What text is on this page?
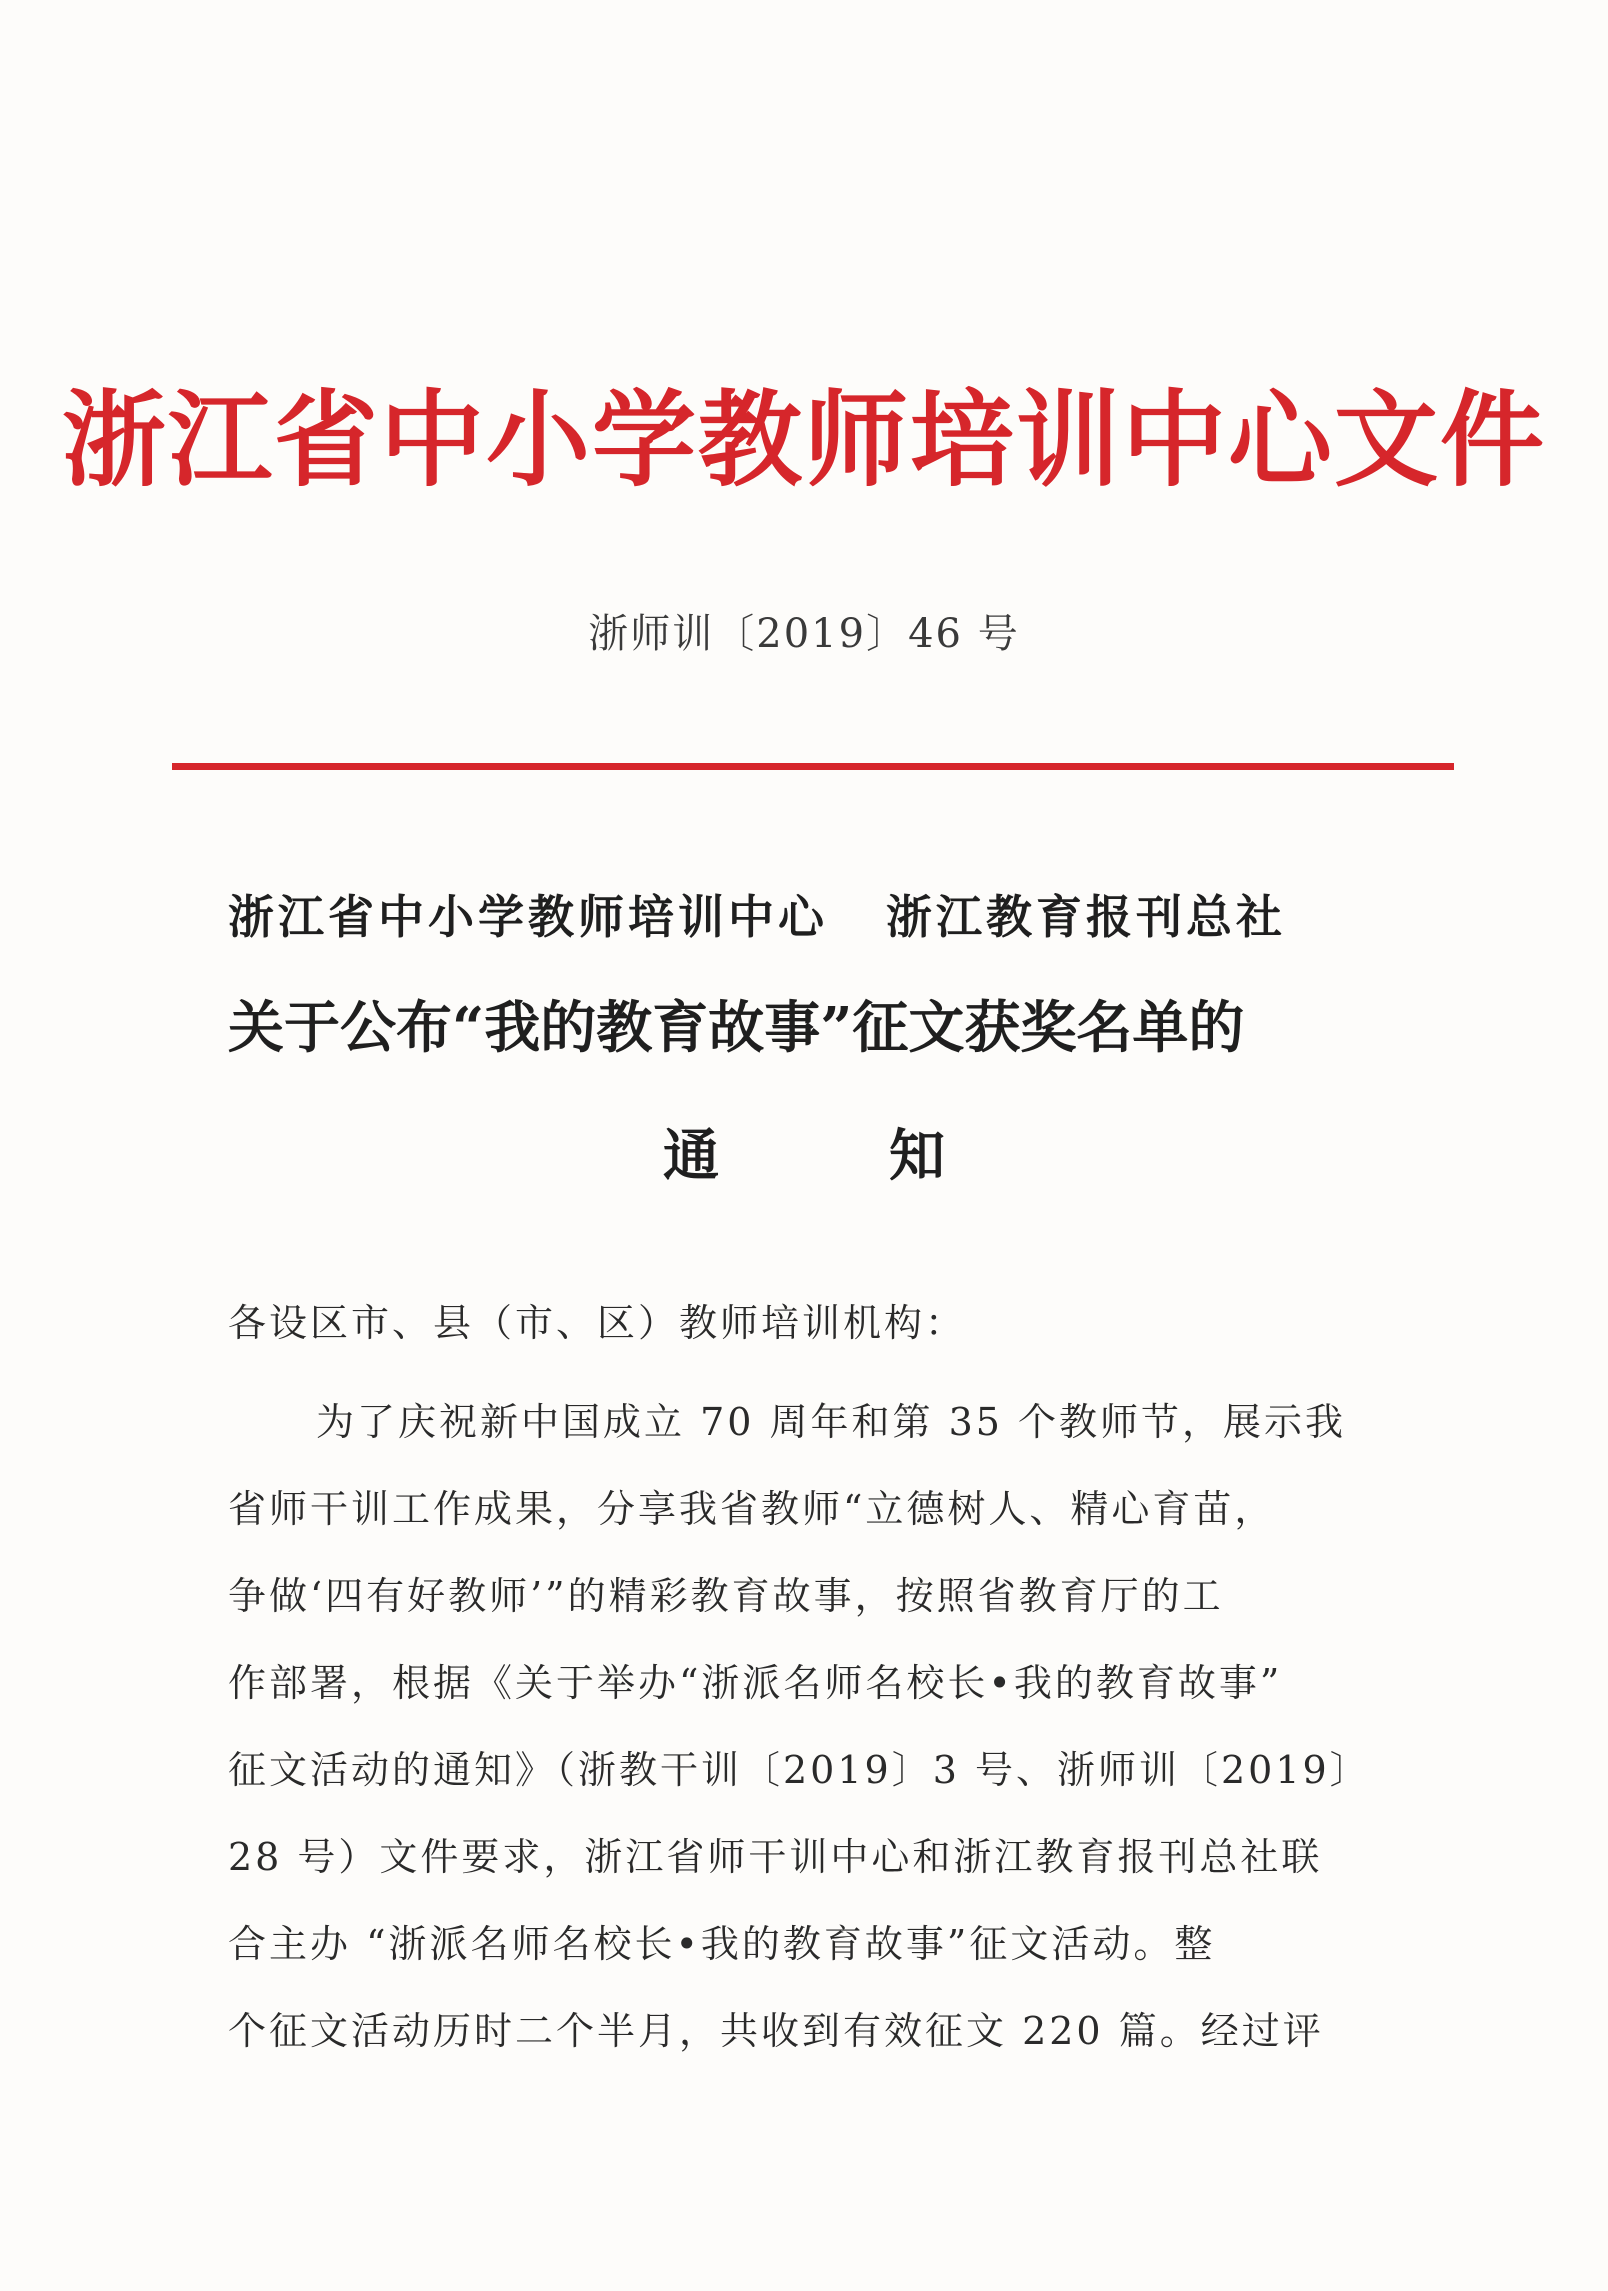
浙江省中小学教师培训中心文件
浙师训〔2019〕46 号
浙江省中小学教师培训中心 浙江教育报刊总社
关于公布“我的教育故事”征文获奖名单的
通知
各设区市、县（市、区）教师培训机构：
为了庆祝新中国成立 70 周年和第 35 个教师节，展示我
省师干训工作成果，分享我省教师“立德树人、精心育苗，
争做‘四有好教师’”的精彩教育故事，按照省教育厅的工
作部署，根据《关于举办“浙派名师名校长•我的教育故事”
征文活动的通知》（浙教干训〔2019〕3 号、浙师训〔2019〕
28 号）文件要求，浙江省师干训中心和浙江教育报刊总社联
合主办 “浙派名师名校长•我的教育故事”征文活动。整
个征文活动历时二个半月，共收到有效征文 220 篇。经过评
